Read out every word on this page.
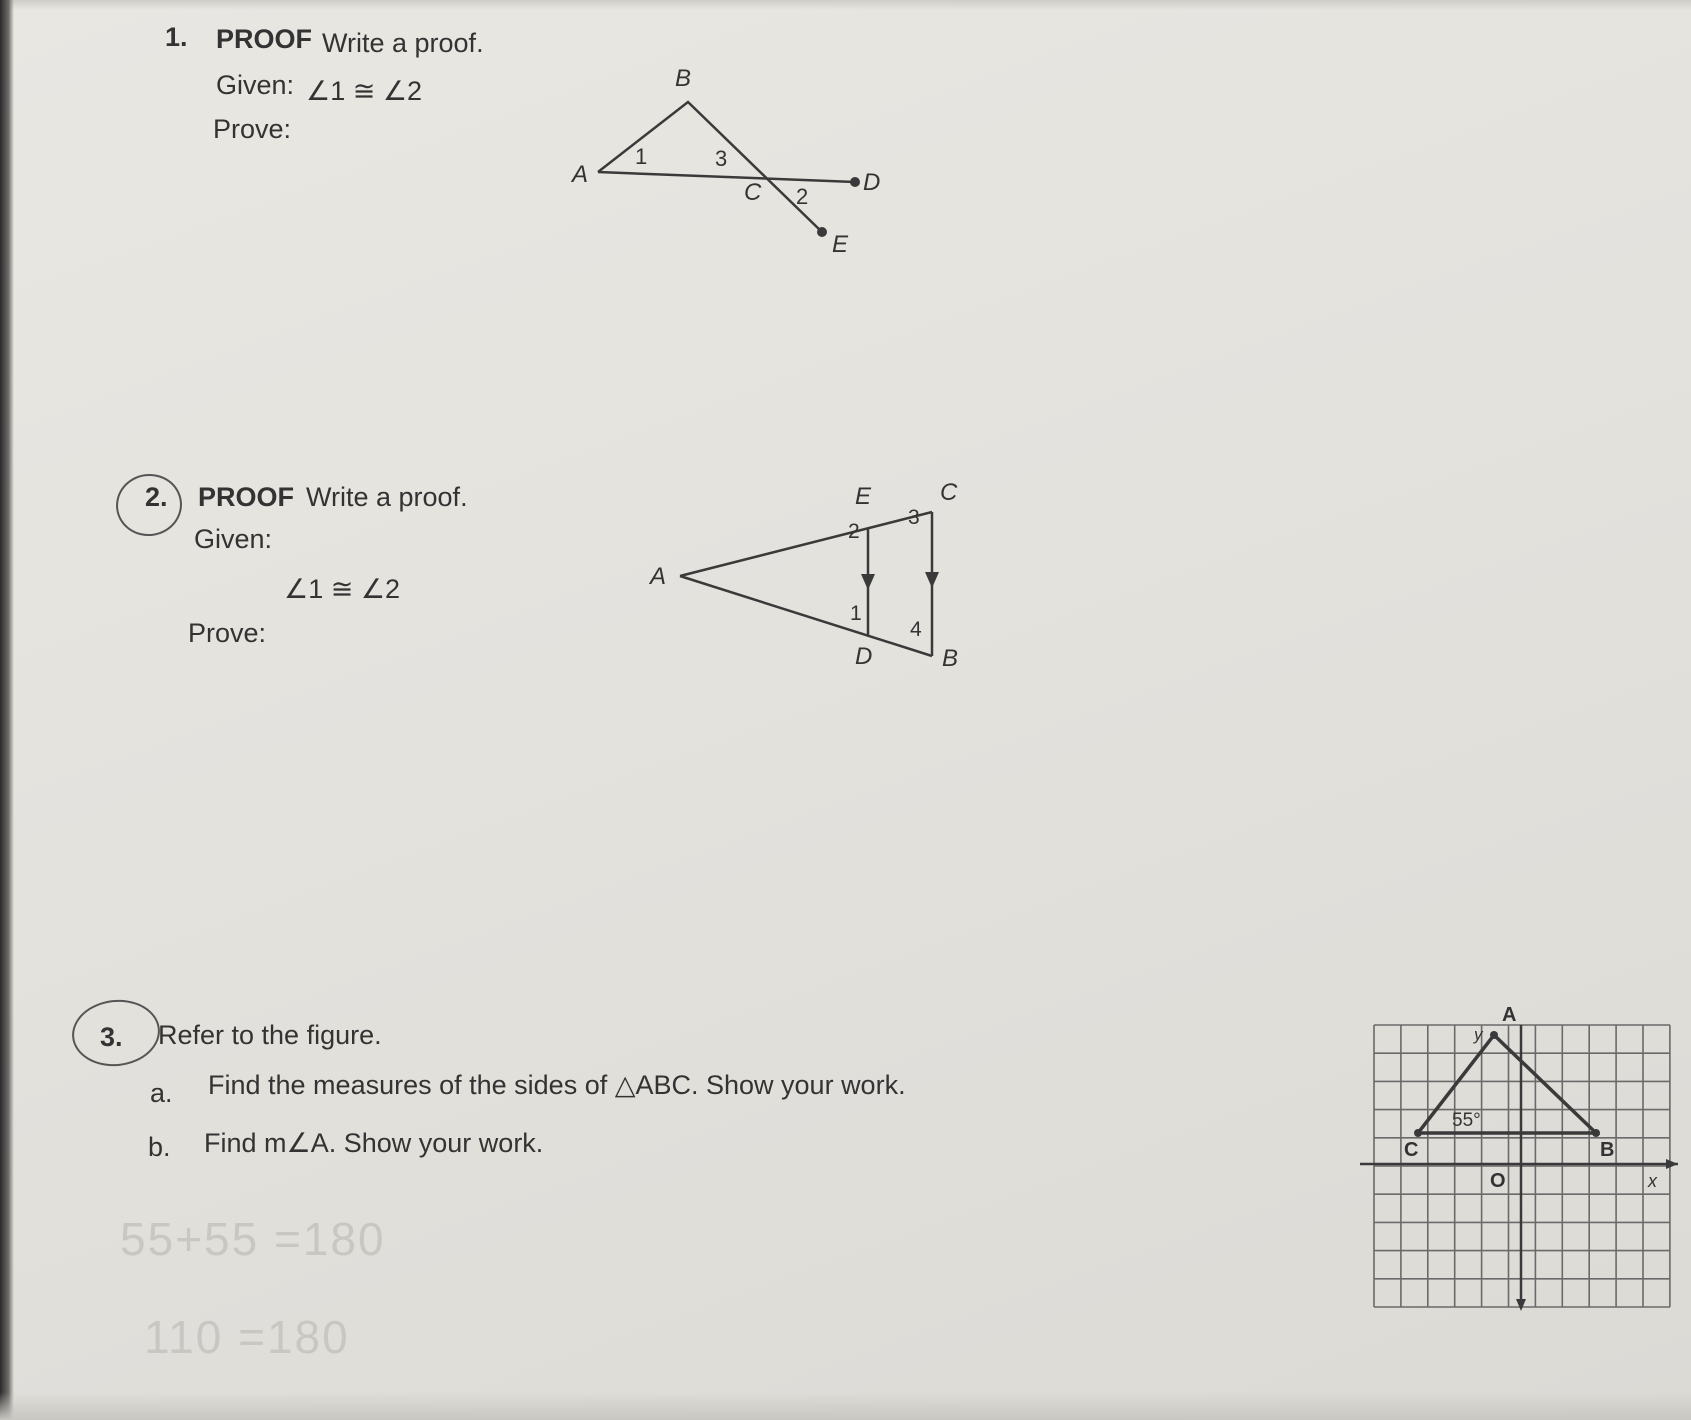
1. PROOF Write a proof.
Given: ∠1 ≅ ∠2
Prove:
A
B
C	D
E
1	3
2
2. PROOF Write a proof.
Given:
∠1 ≅ ∠2
Prove:
E	C
A
D	B
2
3
1
4
3. Refer to the figure.
a. Find the measures of the sides of △ABC. Show your work.
b. Find m∠A. Show your work.
A
B
C
55°
y
x
O
55+55 =180
110 =180
